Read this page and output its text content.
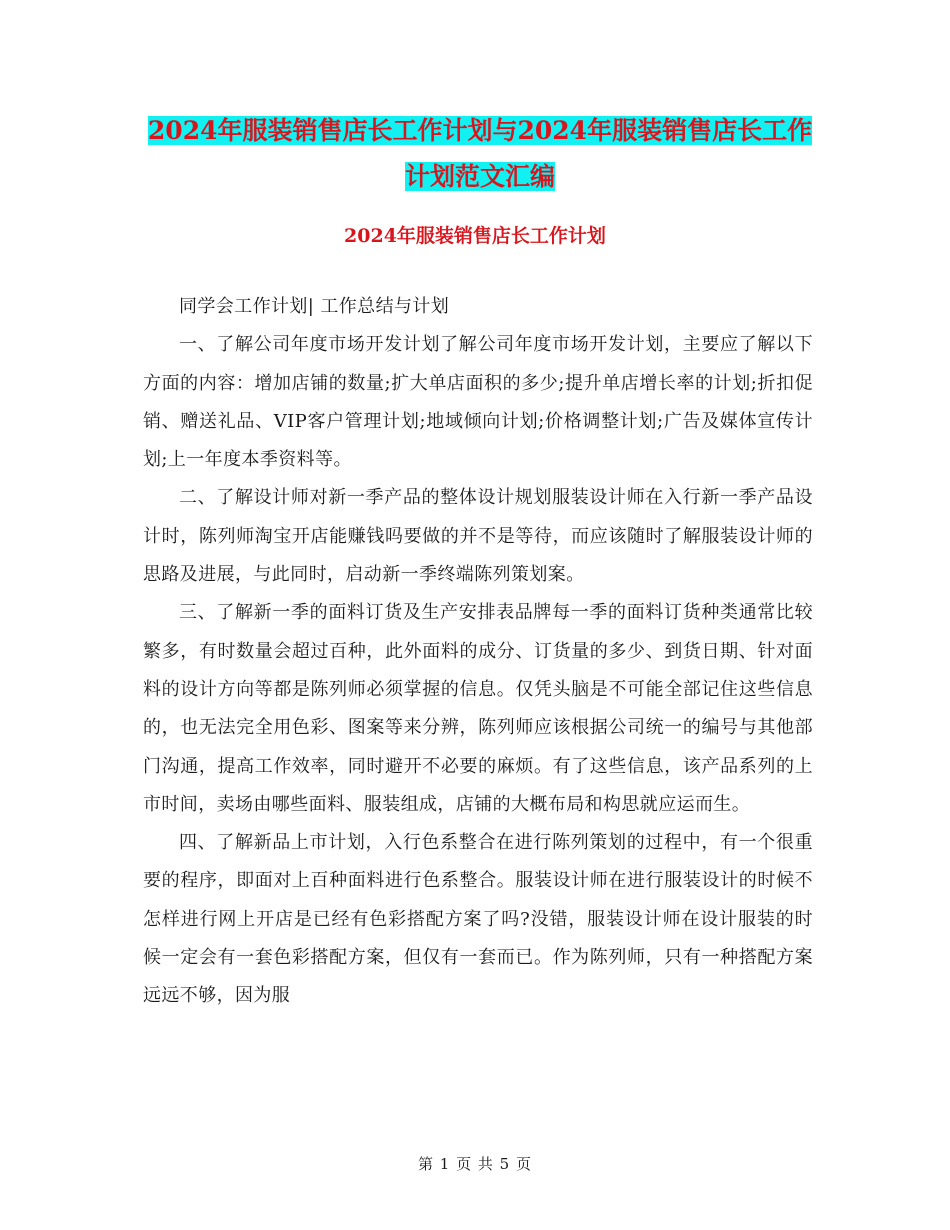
2024年服装销售店长工作计划与2024年服装销售店长工作计划范文汇编
2024年服装销售店长工作计划

同学会工作计划| 工作总结与计划

一、了解公司年度市场开发计划了解公司年度市场开发计划，主要应了解以下方面的内容：增加店铺的数量;扩大单店面积的多少;提升单店增长率的计划;折扣促销、赠送礼品、VIP客户管理计划;地域倾向计划;价格调整计划;广告及媒体宣传计划;上一年度本季资料等。

二、了解设计师对新一季产品的整体设计规划服装设计师在入行新一季产品设计时，陈列师淘宝开店能赚钱吗要做的并不是等待，而应该随时了解服装设计师的思路及进展，与此同时，启动新一季终端陈列策划案。

三、了解新一季的面料订货及生产安排表品牌每一季的面料订货种类通常比较繁多，有时数量会超过百种，此外面料的成分、订货量的多少、到货日期、针对面料的设计方向等都是陈列师必须掌握的信息。仅凭头脑是不可能全部记住这些信息的，也无法完全用色彩、图案等来分辨，陈列师应该根据公司统一的编号与其他部门沟通，提高工作效率，同时避开不必要的麻烦。有了这些信息，该产品系列的上市时间，卖场由哪些面料、服装组成，店铺的大概布局和构思就应运而生。

四、了解新品上市计划，入行色系整合在进行陈列策划的过程中，有一个很重要的程序，即面对上百种面料进行色系整合。服装设计师在进行服装设计的时候不怎样进行网上开店是已经有色彩搭配方案了吗?没错，服装设计师在设计服装的时候一定会有一套色彩搭配方案，但仅有一套而已。作为陈列师，只有一种搭配方案远远不够，因为服

第 1 页 共 5 页
